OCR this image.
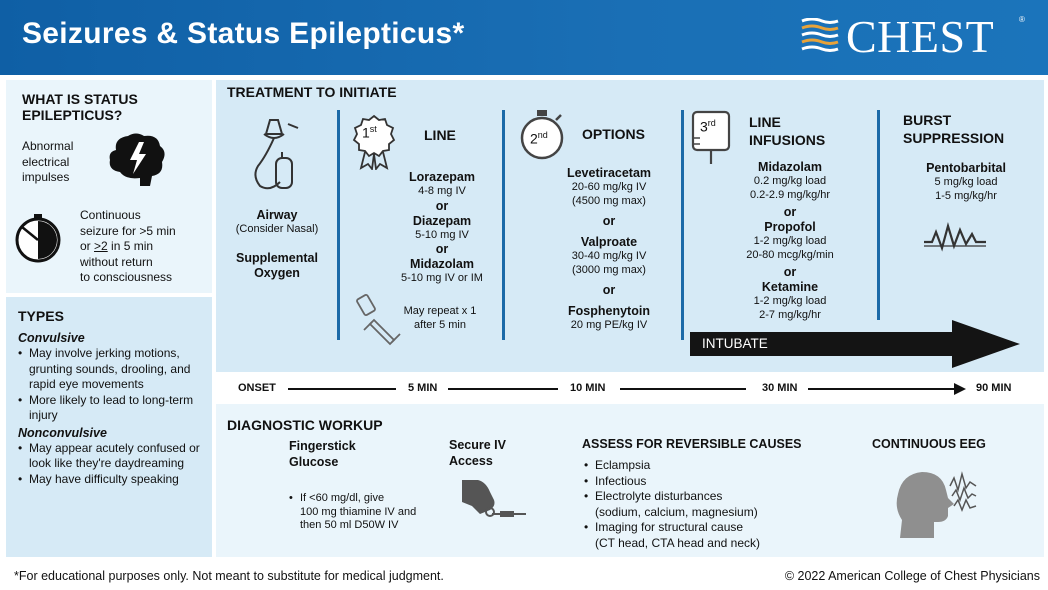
Seizures & Status Epilepticus*	CHEST	®
WHAT IS STATUS
EPILEPTICUS?
Abnormal
electrical
impulses
Continuous
seizure for >5 min
or >2 in 5 min
without return
to consciousness
TYPES
Convulsive
• May involve jerking motions, grunting sounds, drooling, and rapid eye movements
• More likely to lead to long-term injury
Nonconvulsive
• May appear acutely confused or look like they're daydreaming
• May have difficulty speaking
TREATMENT TO INITIATE
Airway
(Consider Nasal)
Supplemental
Oxygen
1st	LINE
Lorazepam
4-8 mg IV
or
Diazepam
5-10 mg IV
or
Midazolam
5-10 mg IV or IM
May repeat x 1
after 5 min
2nd OPTIONS
Levetiracetam
20-60 mg/kg IV
(4500 mg max)
or
Valproate
30-40 mg/kg IV
(3000 mg max)
or
Fosphenytoin
20 mg PE/kg IV
3rd LINE
INFUSIONS
Midazolam
0.2 mg/kg load
0.2-2.9 mg/kg/hr
or
Propofol
1-2 mg/kg load
20-80 mcg/kg/min
or
Ketamine
1-2 mg/kg load
2-7 mg/kg/hr
BURST
SUPPRESSION
Pentobarbital
5 mg/kg load
1-5 mg/kg/hr
INTUBATE
ONSET	5 MIN	10 MIN	30 MIN	90 MIN
DIAGNOSTIC WORKUP
Fingerstick
Glucose
• If <60 mg/dl, give
100 mg thiamine IV and
then 50 ml D50W IV
Secure IV
Access
ASSESS FOR REVERSIBLE CAUSES
• Eclampsia
• Infectious
• Electrolyte disturbances
(sodium, calcium, magnesium)
• Imaging for structural cause
(CT head, CTA head and neck)
CONTINUOUS EEG
*For educational purposes only. Not meant to substitute for medical judgment.	© 2022 American College of Chest Physicians
